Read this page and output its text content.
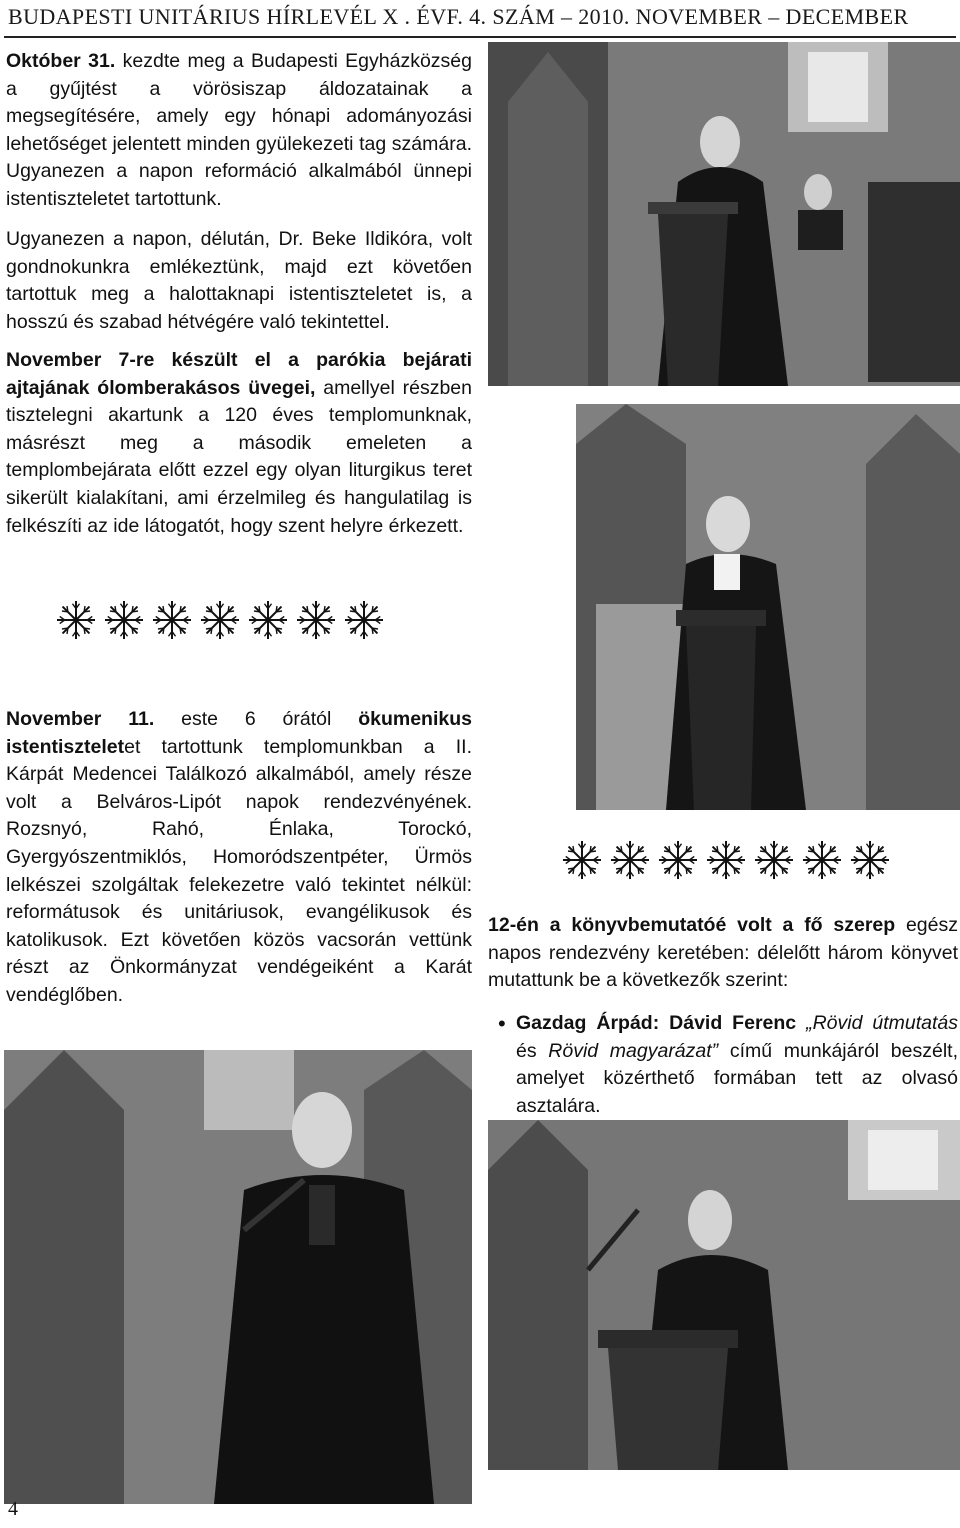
BUDAPESTI UNITÁRIUS HÍRLEVÉL X . ÉVF. 4. SZÁM – 2010. NOVEMBER – DECEMBER

Október 31. kezdte meg a Budapesti Egyházközség a gyűjtést a vörösiszap áldozatainak a megsegítésére, amely egy hónapi adományozási lehetőséget jelentett minden gyülekezeti tag számára. Ugyanezen a napon reformáció alkalmából ünnepi istentiszteletet tartottunk.

Ugyanezen a napon, délután, Dr. Beke Ildikóra, volt gondnokunkra emlékeztünk, majd ezt követően tartottuk meg a halottaknapi istentiszteletet is, a hosszú és szabad hétvégére való tekintettel.

November 7-re készült el a parókia bejárati ajtajának ólomberakásos üvegei, amellyel részben tisztelegni akartunk a 120 éves templomunknak, másrészt meg a második emeleten a templombejárata előtt ezzel egy olyan liturgikus teret sikerült kialakítani, ami érzelmileg és hangulatilag is felkészíti az ide látogatót, hogy szent helyre érkezett.

November 11. este 6 órától ökumenikus istentiszteletet tartottunk templomunkban a II. Kárpát Medencei Találkozó alkalmából, amely része volt a Belváros-Lipót napok rendezvényének. Rozsnyó, Rahó, Énlaka, Torockó, Gyergyószentmiklós, Homoródszentpéter, Ürmös lelkészei szolgáltak felekezetre való tekintet nélkül: reformátusok és unitáriusok, evangélikusok és katolikusok. Ezt követően közös vacsorán vettünk részt az Önkormányzat vendégeiként a Karát vendéglőben.

12-én a könyvbemutatóé volt a fő szerep egész napos rendezvény keretében: délelőtt három könyvet mutattunk be a következők szerint:

• Gazdag Árpád: Dávid Ferenc „Rövid útmutatás és Rövid magyarázat” című munkájáról beszélt, amelyet közérthető formában tett az olvasó asztalára.
4
